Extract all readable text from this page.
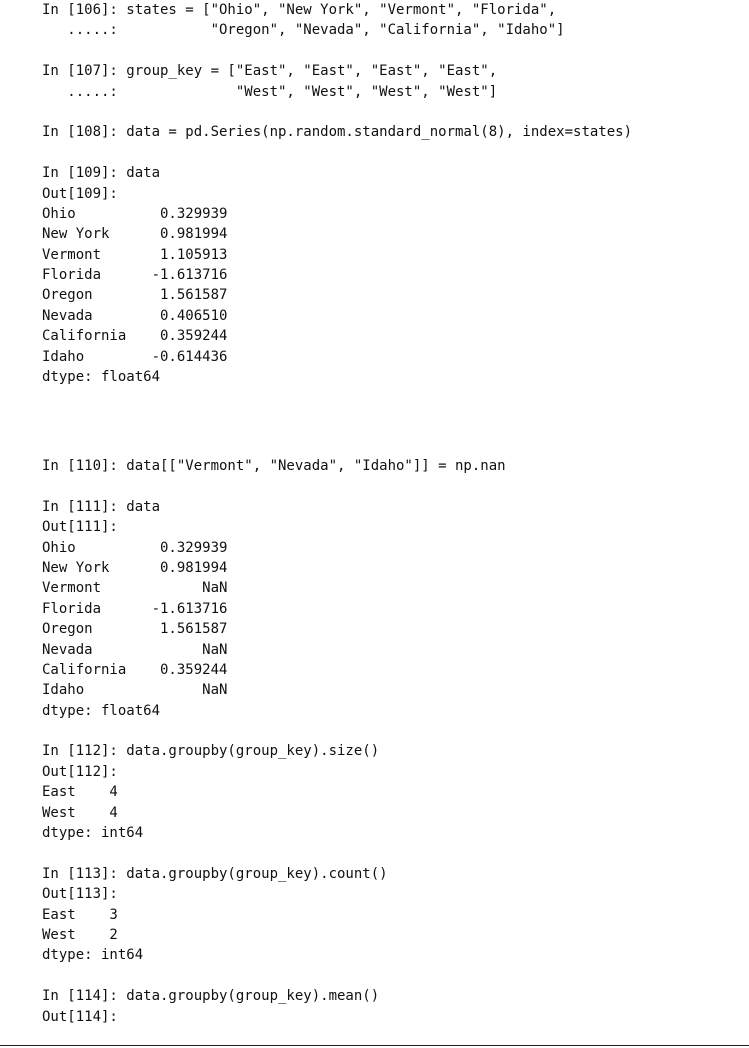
In [106]: states = ["Ohio", "New York", "Vermont", "Florida",
.....:           "Oregon", "Nevada", "California", "Idaho"]
In [107]: group_key = ["East", "East", "East", "East",
.....:              "West", "West", "West", "West"]
In [108]: data = pd.Series(np.random.standard_normal(8), index=states)
In [109]: data
Out[109]:
Ohio          0.329939
New York      0.981994
Vermont       1.105913
Florida      -1.613716
Oregon        1.561587
Nevada        0.406510
California    0.359244
Idaho        -0.614436
dtype: float64
In [110]: data[["Vermont", "Nevada", "Idaho"]] = np.nan
In [111]: data
Out[111]:
Ohio          0.329939
New York      0.981994
Vermont            NaN
Florida      -1.613716
Oregon        1.561587
Nevada             NaN
California    0.359244
Idaho              NaN
dtype: float64
In [112]: data.groupby(group_key).size()
Out[112]:
East    4
West    4
dtype: int64
In [113]: data.groupby(group_key).count()
Out[113]:
East    3
West    2
dtype: int64
In [114]: data.groupby(group_key).mean()
Out[114]:
